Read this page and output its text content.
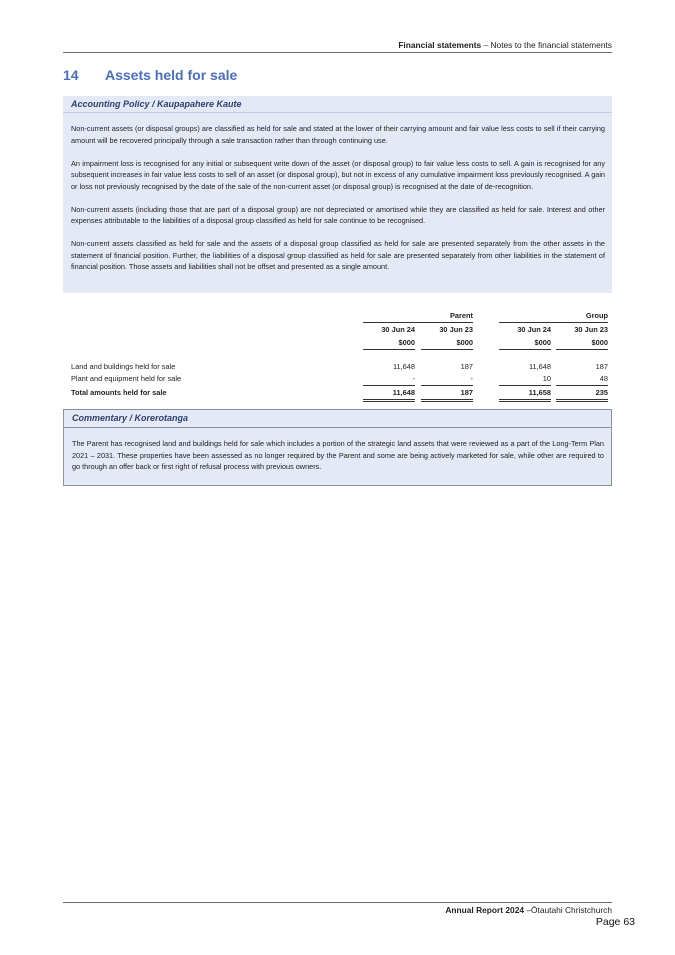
Financial statements – Notes to the financial statements
14 Assets held for sale
Accounting Policy / Kaupapahere Kaute

Non-current assets (or disposal groups) are classified as held for sale and stated at the lower of their carrying amount and fair value less costs to sell if their carrying amount will be recovered principally through a sale transaction rather than through continuing use.

An impairment loss is recognised for any initial or subsequent write down of the asset (or disposal group) to fair value less costs to sell. A gain is recognised for any subsequent increases in fair value less costs to sell of an asset (or disposal group), but not in excess of any cumulative impairment loss previously recognised. A gain or loss not previously recognised by the date of the sale of the non-current asset (or disposal group) is recognised at the date of de-recognition.

Non-current assets (including those that are part of a disposal group) are not depreciated or amortised while they are classified as held for sale. Interest and other expenses attributable to the liabilities of a disposal group classified as held for sale continue to be recognised.

Non-current assets classified as held for sale and the assets of a disposal group classified as held for sale are presented separately from the other assets in the statement of financial position. Further, the liabilities of a disposal group classified as held for sale are presented separately from other liabilities in the statement of financial position. Those assets and liabilities shall not be offset and presented as a single amount.

Parent	Group
30 Jun 24	30 Jun 23	30 Jun 24	30 Jun 23
$000	$000	$000	$000
Land and buildings held for sale	11,648	187	11,648	187
Plant and equipment held for sale	-	-	10	48
Total amounts held for sale	11,648	187	11,658	235
Commentary / Korerotanga
The Parent has recognised land and buildings held for sale which includes a portion of the strategic land assets that were reviewed as a part of the Long-Term Plan 2021 – 2031. These properties have been assessed as no longer required by the Parent and some are being actively marketed for sale, while other are required to go through an offer back or first right of refusal process with previous owners.
Annual Report 2024 –Ōtautahi Christchurch
Page 63
